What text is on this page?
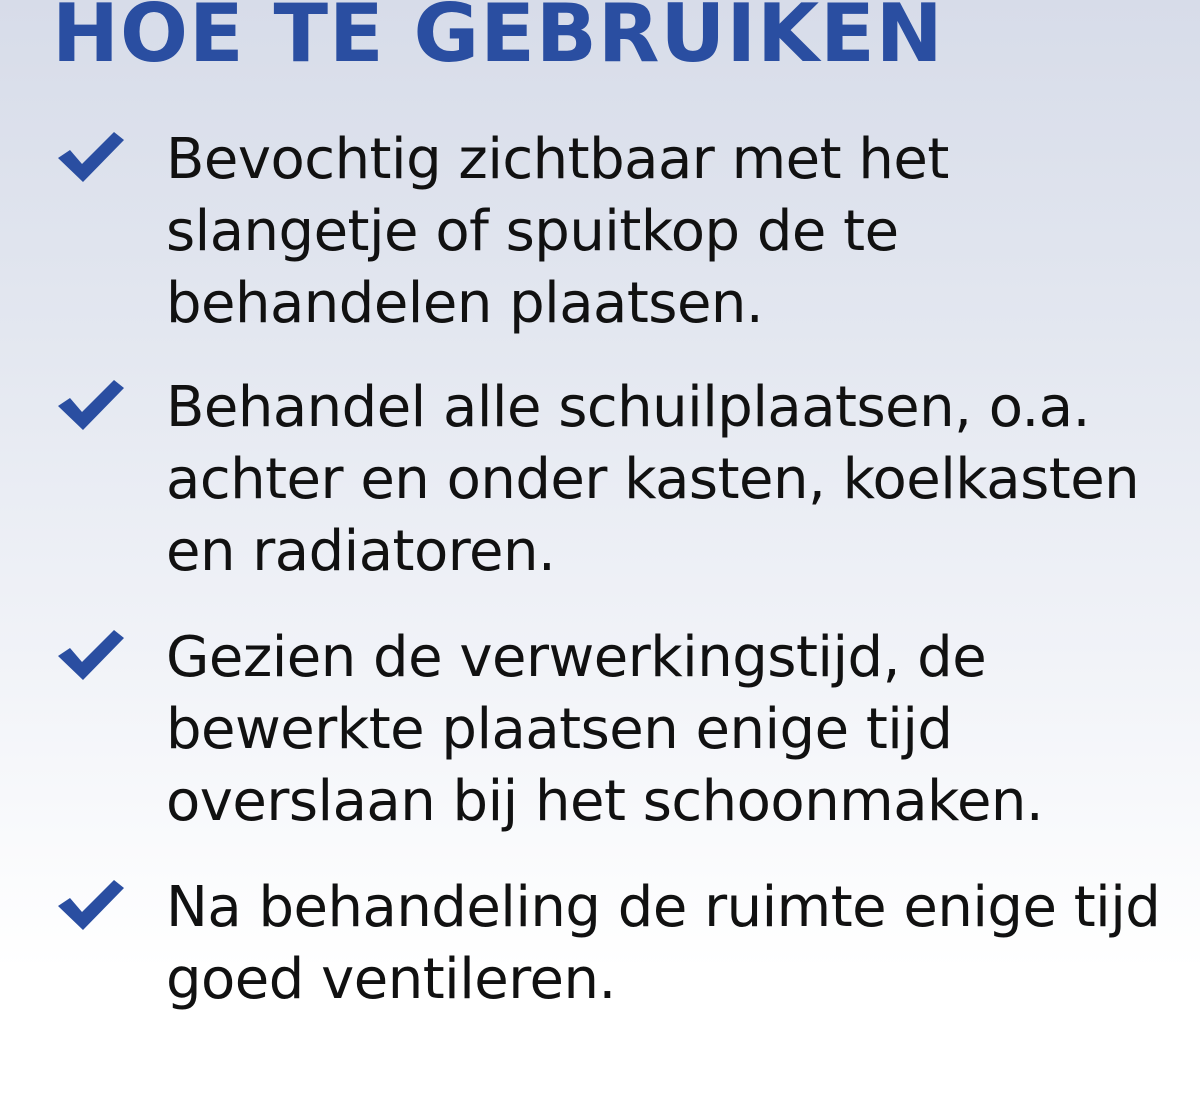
HOE TE GEBRUIKEN

Bevochtig zichtbaar met het slangetje of spuitkop de te behandelen plaatsen.

Behandel alle schuilplaatsen, o.a. achter en onder kasten, koelkasten en radiatoren.

Gezien de verwerkingstijd, de bewerkte plaatsen enige tijd overslaan bij het schoonmaken.

Na behandeling de ruimte enige tijd goed ventileren.
